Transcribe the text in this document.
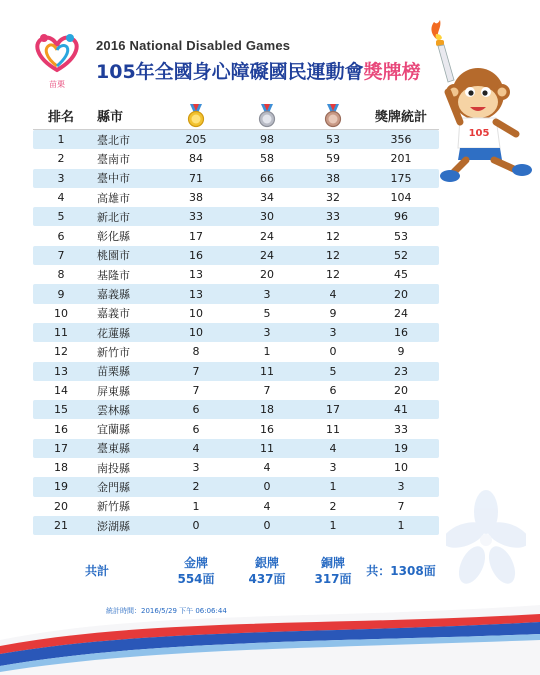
苗栗
2016 National Disabled Games
105年全國身心障礙國民運動會獎牌榜
105
排名	縣市	獎牌統計
1	臺北市	205	98	53	356
2	臺南市	84	58	59	201
3	臺中市	71	66	38	175
4	高雄市	38	34	32	104
5	新北市	33	30	33	96
6	彰化縣	17	24	12	53
7	桃園市	16	24	12	52
8	基隆市	13	20	12	45
9	嘉義縣	13	3	4	20
10	嘉義市	10	5	9	24
11	花蓮縣	10	3	3	16
12	新竹市	8	1	0	9
13	苗栗縣	7	11	5	23
14	屏東縣	7	7	6	20
15	雲林縣	6	18	17	41
16	宜蘭縣	6	16	11	33
17	臺東縣	4	11	4	19
18	南投縣	3	4	3	10
19	金門縣	2	0	1	3
20	新竹縣	1	4	2	7
21	澎湖縣	0	0	1	1
共計
金牌
554面
銀牌
437面
銅牌
317面
共：1308面
統計時間：2016/5/29 下午 06:06:44
